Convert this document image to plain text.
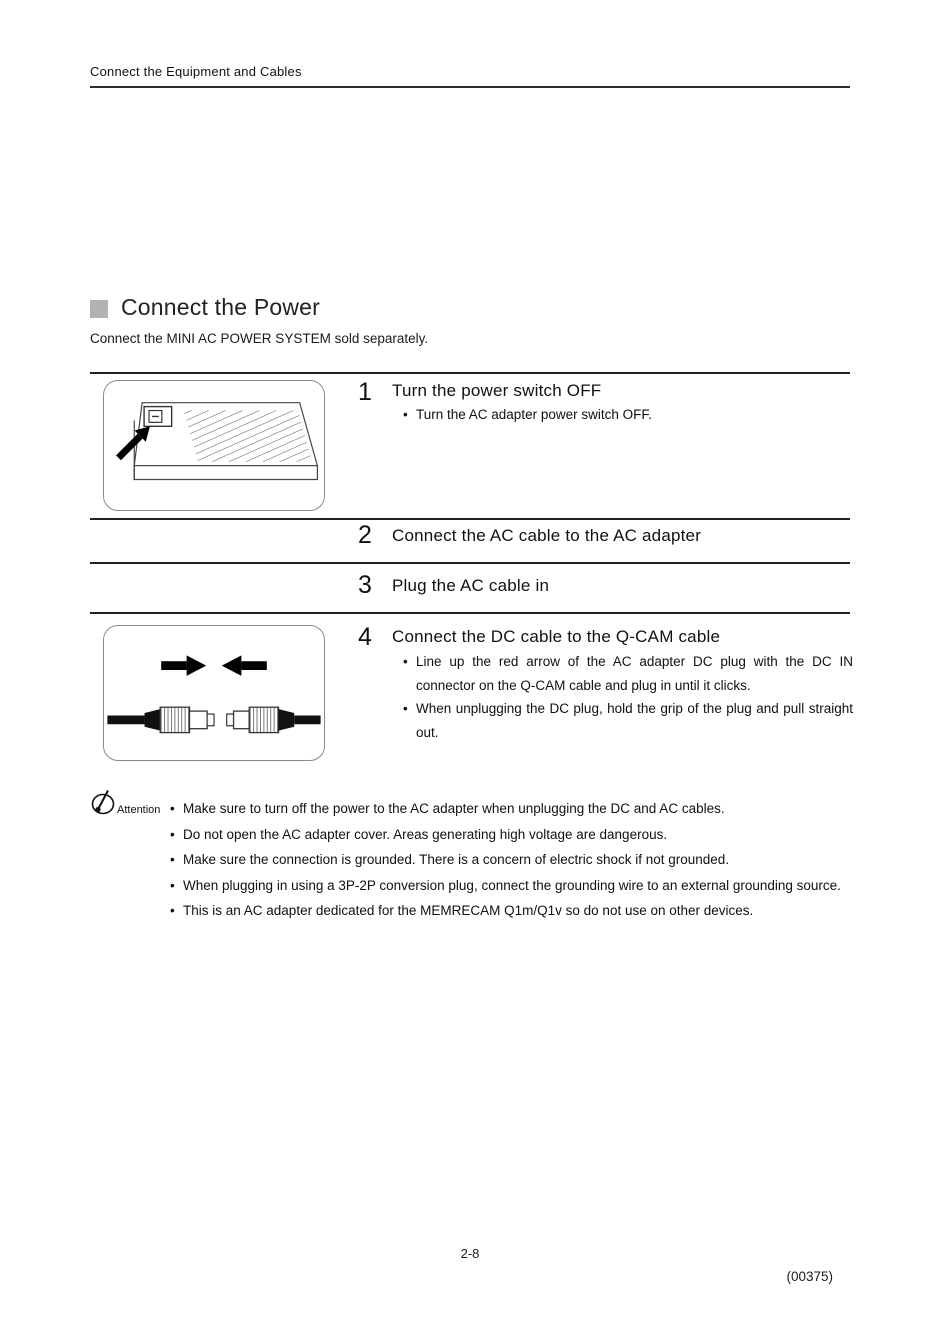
Connect the Equipment and Cables
Connect the Power

Connect the MINI AC POWER SYSTEM sold separately.

1 Turn the power switch OFF
• Turn the AC adapter power switch OFF.
2 Connect the AC cable to the AC adapter
3 Plug the AC cable in
4 Connect the DC cable to the Q-CAM cable
• Line up the red arrow of the AC adapter DC plug with the DC IN connector on the Q-CAM cable and plug in until it clicks.
• When unplugging the DC plug, hold the grip of the plug and pull straight out.
Attention • Make sure to turn off the power to the AC adapter when unplugging the DC and AC cables.
• Do not open the AC adapter cover. Areas generating high voltage are dangerous.
• Make sure the connection is grounded. There is a concern of electric shock if not grounded.
• When plugging in using a 3P-2P conversion plug, connect the grounding wire to an external grounding source.
• This is an AC adapter dedicated for the MEMRECAM Q1m/Q1v so do not use on other devices.
2-8
(00375)
